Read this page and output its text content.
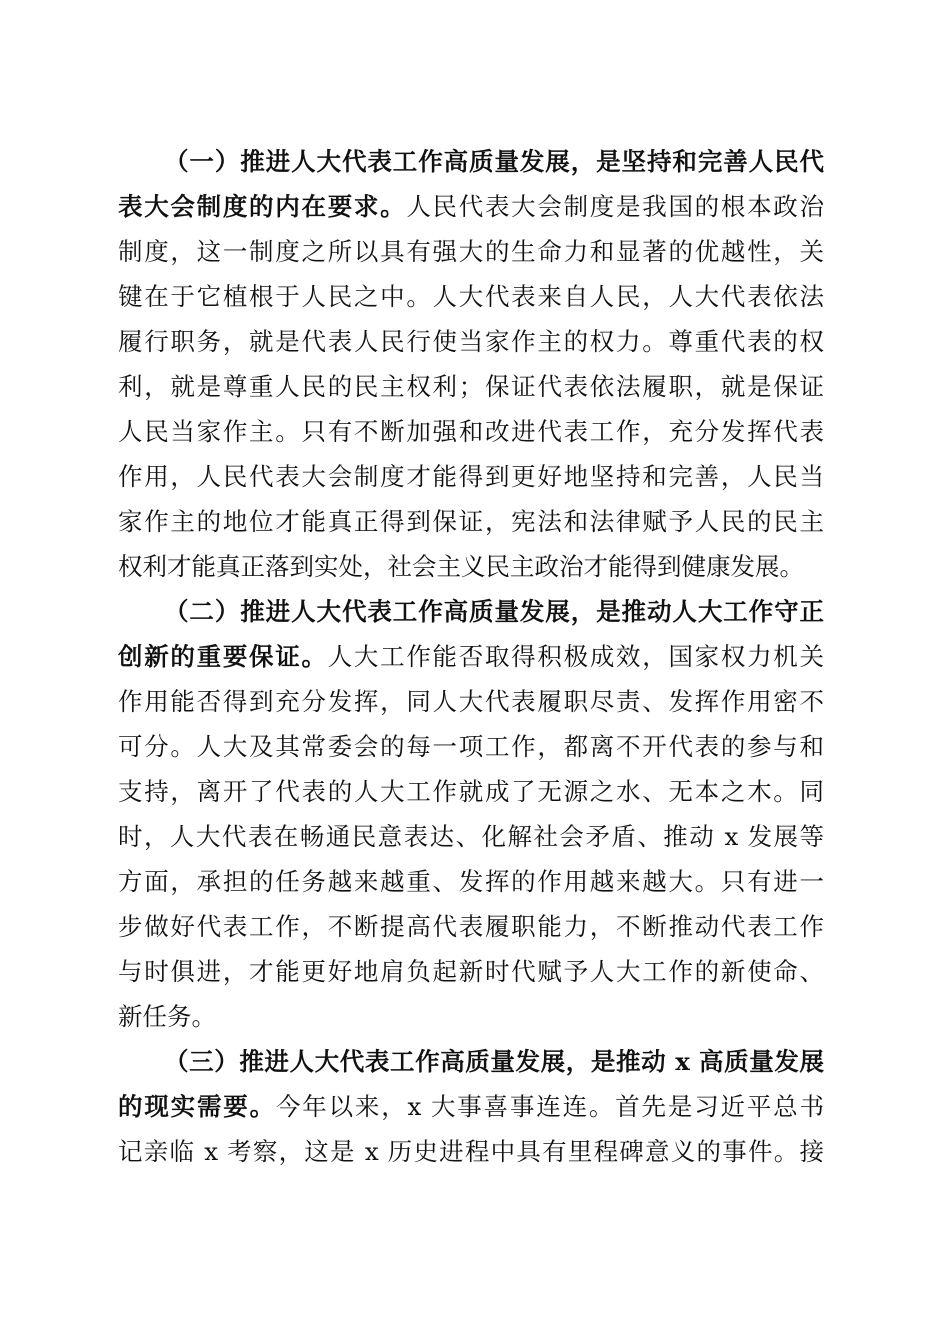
（一）推进人大代表工作高质量发展，是坚持和完善人民代
表大会制度的内在要求。人民代表大会制度是我国的根本政治
制度，这一制度之所以具有强大的生命力和显著的优越性，关
键在于它植根于人民之中。人大代表来自人民，人大代表依法
履行职务，就是代表人民行使当家作主的权力。尊重代表的权
利，就是尊重人民的民主权利；保证代表依法履职，就是保证
人民当家作主。只有不断加强和改进代表工作，充分发挥代表
作用，人民代表大会制度才能得到更好地坚持和完善，人民当
家作主的地位才能真正得到保证，宪法和法律赋予人民的民主
权利才能真正落到实处，社会主义民主政治才能得到健康发展。
（二）推进人大代表工作高质量发展，是推动人大工作守正
创新的重要保证。人大工作能否取得积极成效，国家权力机关
作用能否得到充分发挥，同人大代表履职尽责、发挥作用密不
可分。人大及其常委会的每一项工作，都离不开代表的参与和
支持，离开了代表的人大工作就成了无源之水、无本之木。同
时，人大代表在畅通民意表达、化解社会矛盾、推动 x 发展等
方面，承担的任务越来越重、发挥的作用越来越大。只有进一
步做好代表工作，不断提高代表履职能力，不断推动代表工作
与时俱进，才能更好地肩负起新时代赋予人大工作的新使命、
新任务。
（三）推进人大代表工作高质量发展，是推动 x 高质量发展
的现实需要。今年以来，x 大事喜事连连。首先是习近平总书
记亲临 x 考察，这是 x 历史进程中具有里程碑意义的事件。接
